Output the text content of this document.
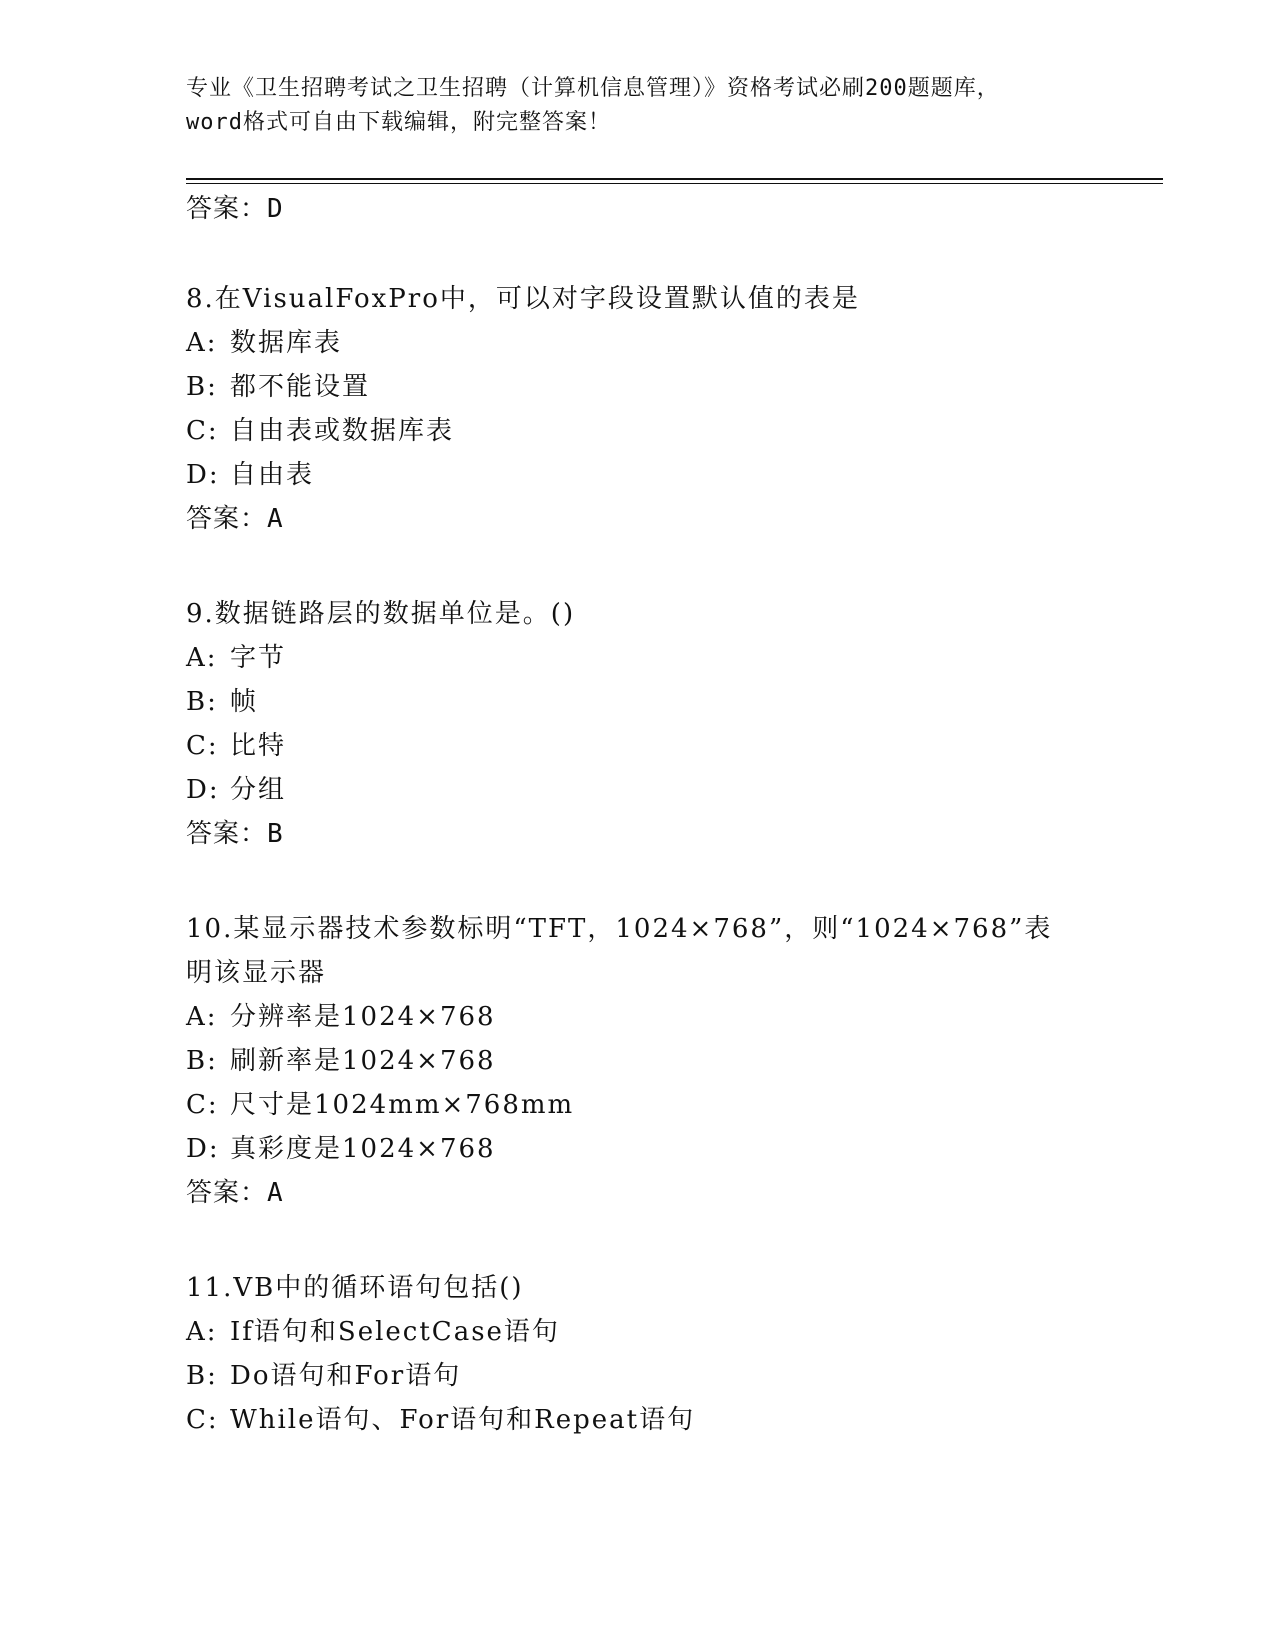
专业《卫生招聘考试之卫生招聘（计算机信息管理）》资格考试必刷200题题库，
word格式可自由下载编辑，附完整答案！
答案：D
8.在VisualFoxPro中，可以对字段设置默认值的表是
A: 数据库表
B: 都不能设置
C: 自由表或数据库表
D: 自由表
答案：A
9.数据链路层的数据单位是。()
A: 字节
B: 帧
C: 比特
D: 分组
答案：B
10.某显示器技术参数标明“TFT，1024×768”，则“1024×768”表
明该显示器
A: 分辨率是1024×768
B: 刷新率是1024×768
C: 尺寸是1024mm×768mm
D: 真彩度是1024×768
答案：A
11.VB中的循环语句包括()
A: If语句和SelectCase语句
B: Do语句和For语句
C: While语句、For语句和Repeat语句
